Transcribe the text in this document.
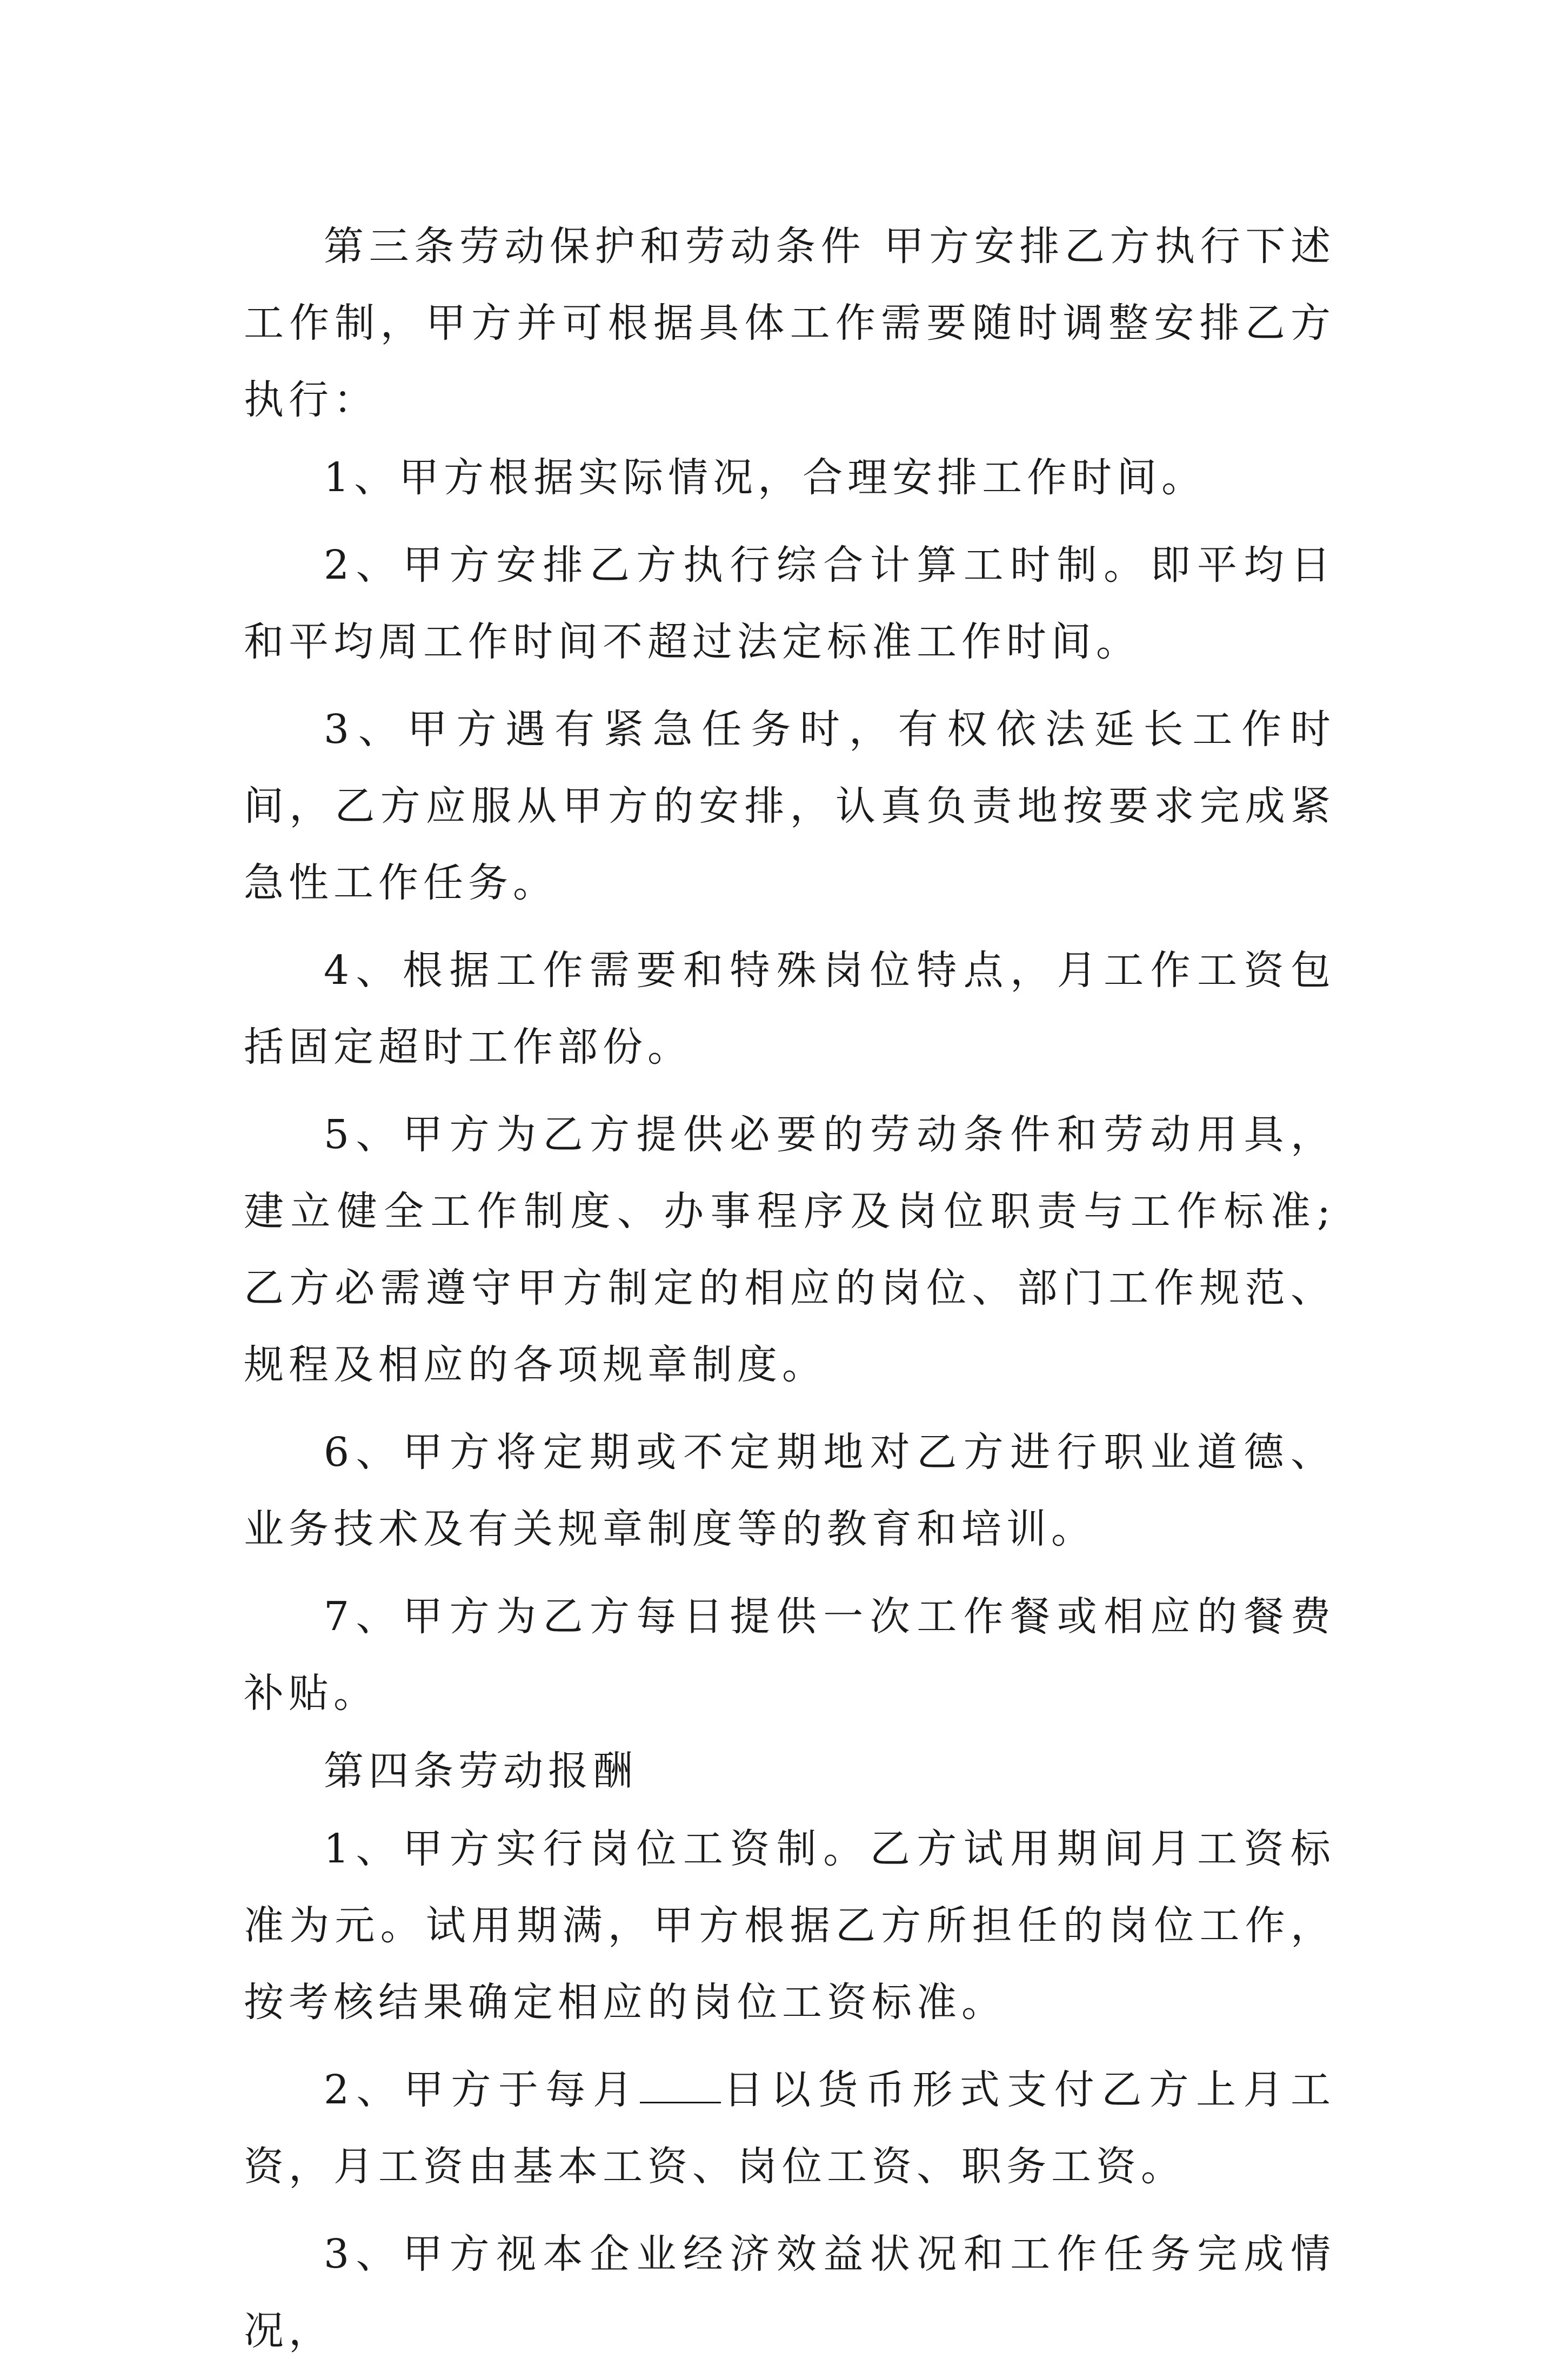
第三条劳动保护和劳动条件 甲方安排乙方执行下述工作制，甲方并可根据具体工作需要随时调整安排乙方执行：

1、甲方根据实际情况，合理安排工作时间。

2、甲方安排乙方执行综合计算工时制。即平均日和平均周工作时间不超过法定标准工作时间。

3、甲方遇有紧急任务时，有权依法延长工作时间，乙方应服从甲方的安排，认真负责地按要求完成紧急性工作任务。

4、根据工作需要和特殊岗位特点，月工作工资包括固定超时工作部份。

5、甲方为乙方提供必要的劳动条件和劳动用具，建立健全工作制度、办事程序及岗位职责与工作标准;乙方必需遵守甲方制定的相应的岗位、部门工作规范、规程及相应的各项规章制度。

6、甲方将定期或不定期地对乙方进行职业道德、业务技术及有关规章制度等的教育和培训。

7、甲方为乙方每日提供一次工作餐或相应的餐费补贴。

第四条劳动报酬

1、甲方实行岗位工资制。乙方试用期间月工资标准为元。试用期满，甲方根据乙方所担任的岗位工作，按考核结果确定相应的岗位工资标准。

2、甲方于每月 日以货币形式支付乙方上月工资，月工资由基本工资、岗位工资、职务工资。

3、甲方视本企业经济效益状况和工作任务完成情况，
